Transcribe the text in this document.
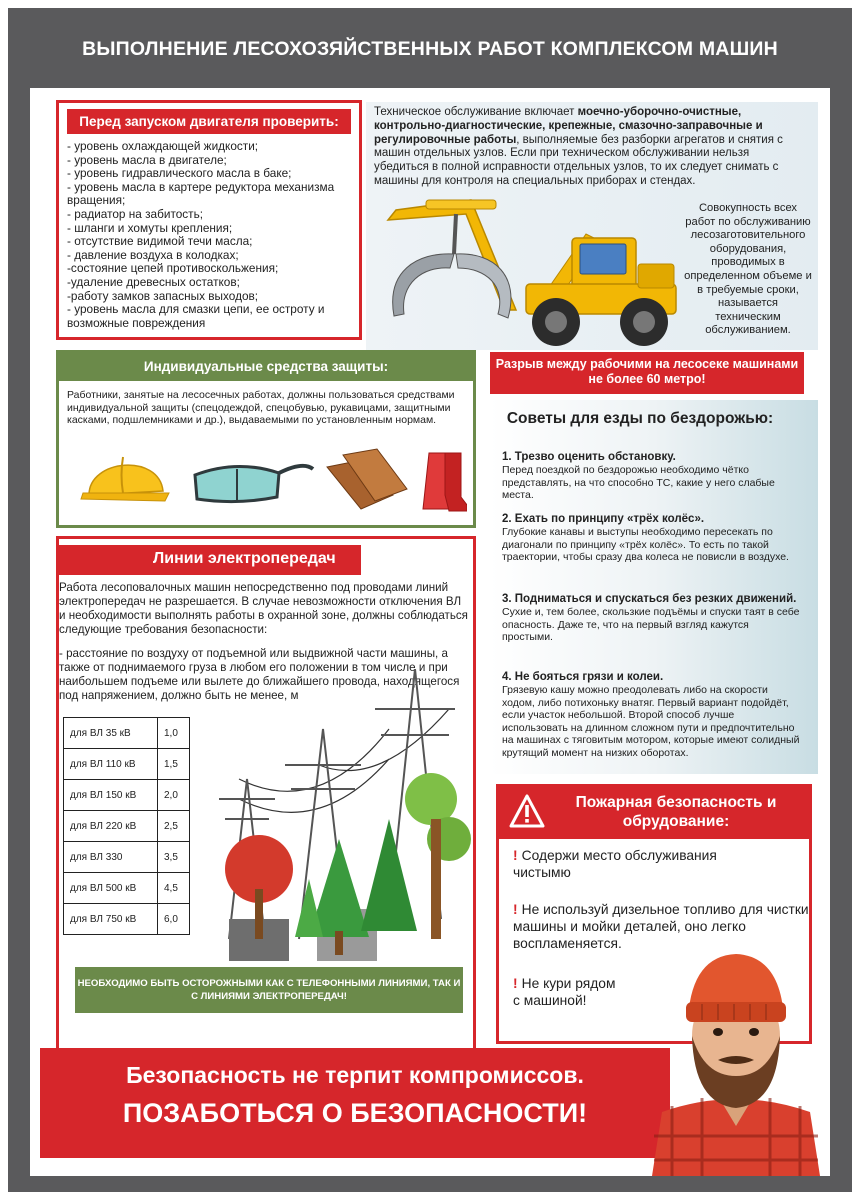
ВЫПОЛНЕНИЕ ЛЕСОХОЗЯЙСТВЕННЫХ РАБОТ КОМПЛЕКСОМ МАШИН
Перед запуском двигателя проверить:
- уровень охлаждающей жидкости;
- уровень масла в двигателе;
- уровень гидравлического масла в баке;
- уровень масла в картере редуктора механизма вращения;
- радиатор на забитость;
- шланги и хомуты крепления;
- отсутствие видимой течи масла;
- давление воздуха в колодках;
-состояние цепей противоскольжения;
-удаление древесных остатков;
-работу замков запасных выходов;
- уровень масла для смазки цепи, ее остроту и возможные повреждения
Техническое обслуживание включает моечно-уборочно-очистные, контрольно-диагностические, крепежные, смазочно-заправочные и регулировочные работы, выполняемые без разборки агрегатов и снятия с машин отдельных узлов. Если при техническом обслуживании нельзя убедиться в полной исправности отдельных узлов, то их следует снимать с машины для контроля на специальных приборах и стендах.
Совокупность всех работ по обслуживанию лесозаготовительного оборудования, проводимых в определенном объеме и в требуемые сроки, называется техническим обслуживанием.
Индивидуальные средства защиты:
Работники, занятые на лесосечных работах, должны пользоваться средствами индивидуальной защиты (спецодеждой, спецобувью, рукавицами, защитными касками, подшлемниками и др.), выдаваемыми по установленным нормам.
Разрыв между рабочими на лесосеке машинами не более 60 метро!
Советы для езды по бездорожью:
1. Трезво оценить обстановку.
Перед поездкой по бездорожью необходимо чётко представлять, на что способно ТС, какие у него слабые места.
2. Ехать по принципу «трёх колёс».
Глубокие канавы и выступы необходимо пересекать по диагонали по принципу «трёх колёс». То есть по такой траектории, чтобы сразу два колеса не повисли в воздухе.
3. Подниматься и спускаться без резких движений.
Сухие и, тем более, скользкие подъёмы и спуски таят в себе опасность. Даже те, что на первый взгляд кажутся простыми.
4. Не бояться грязи и колеи.
Грязевую кашу можно преодолевать либо на скорости ходом, либо потихоньку внатяг. Первый вариант подойдёт, если участок небольшой. Второй способ лучше использовать на длинном сложном пути и предпочтительно на машинах с тяговитым мотором, которые имеют солидный крутящий момент на низких оборотах.
Линии электропередач
Работа лесоповалочных машин непосредственно под проводами линий электропередач не разрешается. В случае невозможности отключения ВЛ и необходимости выполнять работы в охранной зоне, должны соблюдаться следующие требования безопасности:
- расстояние по воздуху от подъемной или выдвижной части машины, а также от поднимаемого груза в любом его положении в том числе и при наибольшем подъеме или вылете до ближайшего провода, находящегося под напряжением, должно быть не менее, м
для ВЛ 35 кВ	1,0
для ВЛ 110 кВ	1,5
для ВЛ 150 кВ	2,0
для ВЛ 220 кВ	2,5
для ВЛ 330	3,5
для ВЛ 500 кВ	4,5
для ВЛ 750 кВ	6,0
НЕОБХОДИМО БЫТЬ ОСТОРОЖНЫМИ КАК С ТЕЛЕФОННЫМИ ЛИНИЯМИ, ТАК И С ЛИНИЯМИ ЭЛЕКТРОПЕРЕДАЧ!
Пожарная безопасность и обрудование:
! Содержи место обслуживания чистымю
! Не используй дизельное топливо для чистки машины и мойки деталей, оно легко воспламеняется.
! Не кури рядом с машиной!
Безопасность не терпит компромиссов.
ПОЗАБОТЬСЯ О БЕЗОПАСНОСТИ!
